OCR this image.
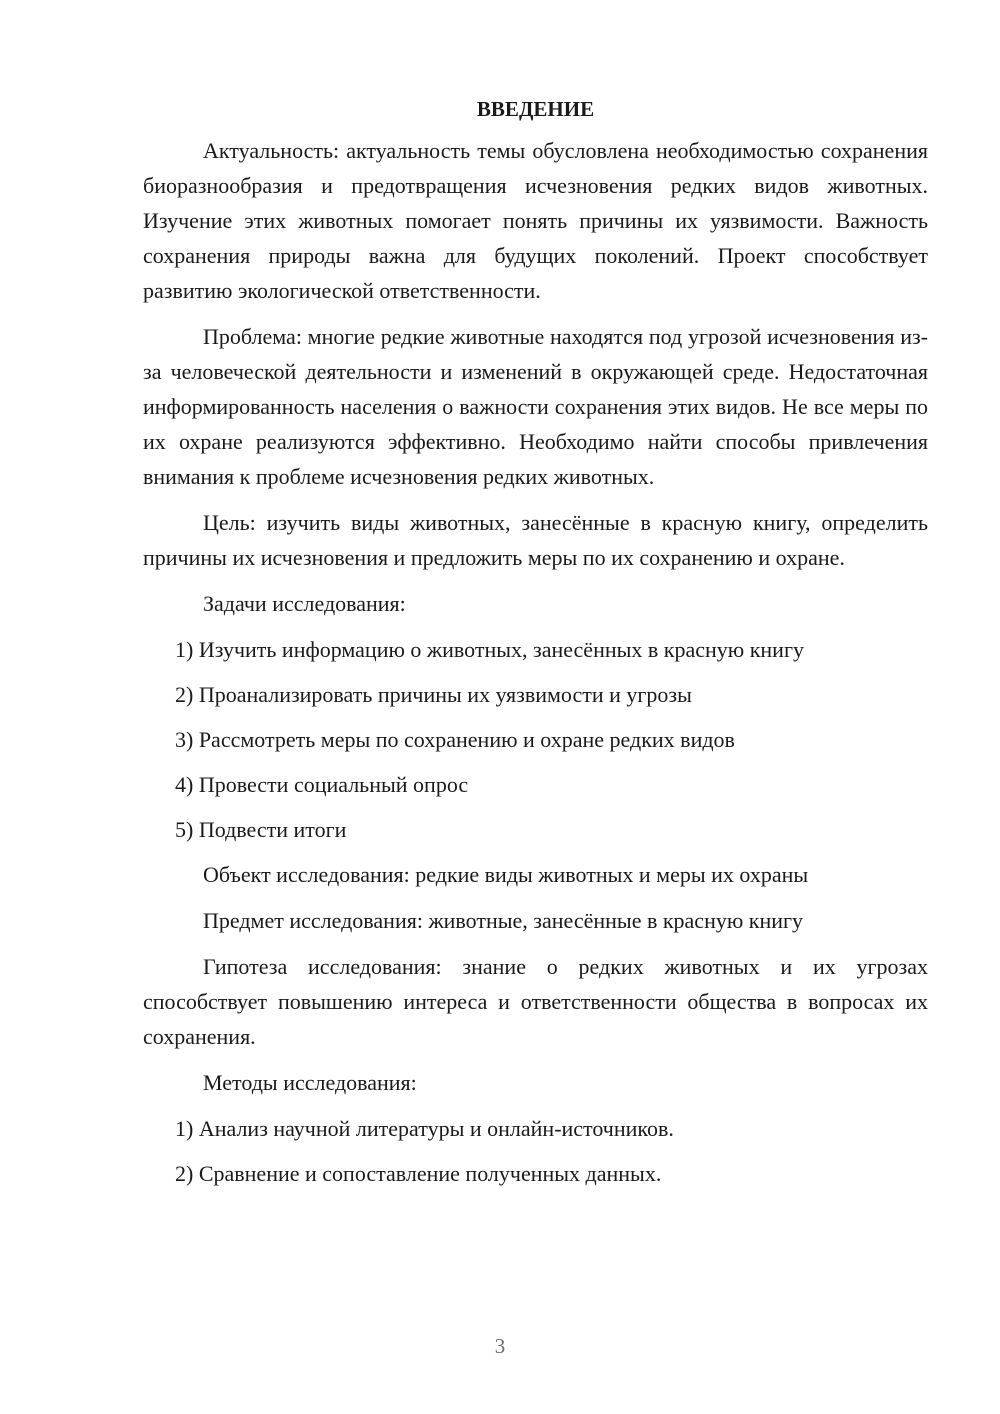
ВВЕДЕНИЕ

Актуальность: актуальность темы обусловлена необходимостью сохранения биоразнообразия и предотвращения исчезновения редких видов животных. Изучение этих животных помогает понять причины их уязвимости. Важность сохранения природы важна для будущих поколений. Проект способствует развитию экологической ответственности.

Проблема: многие редкие животные находятся под угрозой исчезновения из-за человеческой деятельности и изменений в окружающей среде. Недостаточная информированность населения о важности сохранения этих видов. Не все меры по их охране реализуются эффективно. Необходимо найти способы привлечения внимания к проблеме исчезновения редких животных.

Цель: изучить виды животных, занесённые в красную книгу, определить причины их исчезновения и предложить меры по их сохранению и охране.

Задачи исследования:

1) Изучить информацию о животных, занесённых в красную книгу

2) Проанализировать причины их уязвимости и угрозы

3) Рассмотреть меры по сохранению и охране редких видов

4) Провести социальный опрос

5) Подвести итоги

Объект исследования: редкие виды животных и меры их охраны

Предмет исследования: животные, занесённые в красную книгу

Гипотеза исследования: знание о редких животных и их угрозах способствует повышению интереса и ответственности общества в вопросах их сохранения.

Методы исследования:

1) Анализ научной литературы и онлайн-источников.

2) Сравнение и сопоставление полученных данных.

3
